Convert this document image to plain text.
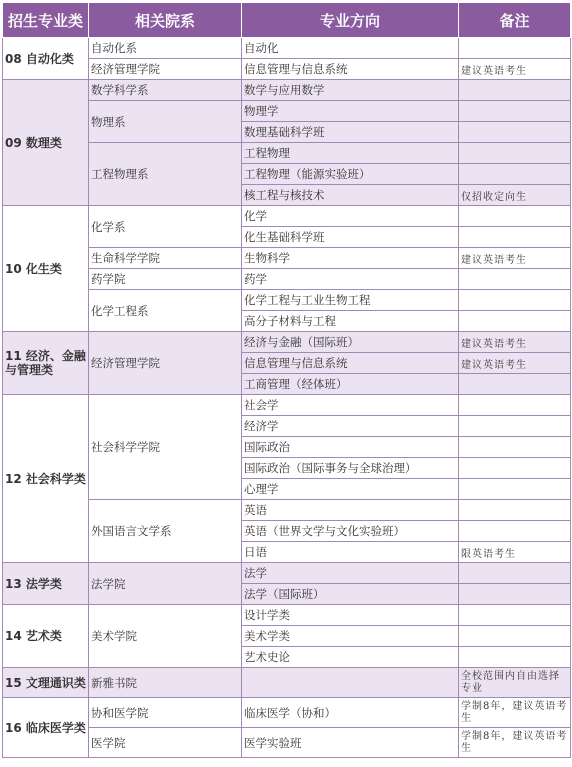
招生专业类	相关院系	专业方向	备注
08 自动化类	自动化系	自动化	
	经济管理学院	信息管理与信息系统	建议英语考生
09 数理类	数学科学系	数学与应用数学	
	物理系	物理学	
		数理基础科学班	
	工程物理系	工程物理	
		工程物理（能源实验班）	
		核工程与核技术	仅招收定向生
10 化生类	化学系	化学	
		化生基础科学班	
	生命科学学院	生物科学	建议英语考生
	药学院	药学	
	化学工程系	化学工程与工业生物工程	
		高分子材料与工程	
11 经济、金融与管理类	经济管理学院	经济与金融（国际班）	建议英语考生
		信息管理与信息系统	建议英语考生
		工商管理（经体班）	
12 社会科学类	社会科学学院	社会学	
		经济学	
		国际政治	
		国际政治（国际事务与全球治理）	
		心理学	
	外国语言文学系	英语	
		英语（世界文学与文化实验班）	
		日语	限英语考生
13 法学类	法学院	法学	
		法学（国际班）	
14 艺术类	美术学院	设计学类	
		美术学类	
		艺术史论	
15 文理通识类	新雅书院		全校范围内自由选择专业
16 临床医学类	协和医学院	临床医学（协和）	学制8年，建议英语考生
	医学院	医学实验班	学制8年，建议英语考生
